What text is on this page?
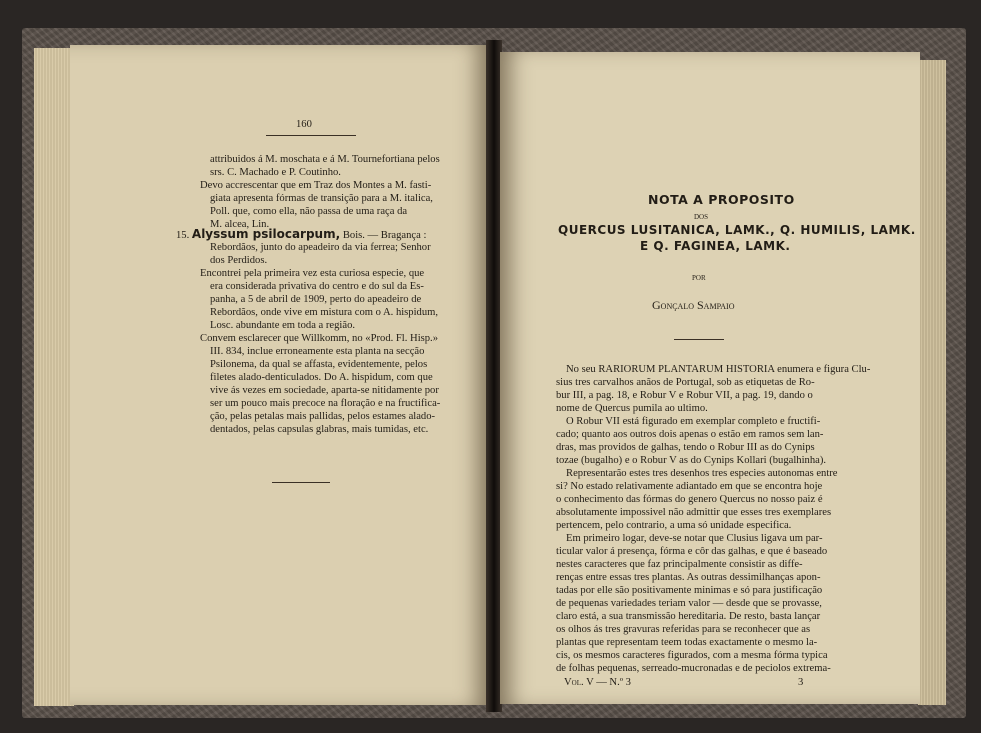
160
attribuidos á M. moschata e á M. Tournefortiana pelos
srs. C. Machado e P. Coutinho.
Devo accrescentar que em Traz dos Montes a M. fasti-
giata apresenta fórmas de transição para a M. italica,
Poll. que, como ella, não passa de uma raça da
M. alcea, Lin.
15. Alyssum psilocarpum, Bois. — Bragança :
Rebordãos, junto do apeadeiro da via ferrea; Senhor
dos Perdidos.
Encontrei pela primeira vez esta curiosa especie, que
era considerada privativa do centro e do sul da Es-
panha, a 5 de abril de 1909, perto do apeadeiro de
Rebordãos, onde vive em mistura com o A. hispidum,
Losc. abundante em toda a região.
Convem esclarecer que Willkomm, no «Prod. Fl. Hisp.»
III. 834, inclue erroneamente esta planta na secção
Psilonema, da qual se affasta, evidentemente, pelos
filetes alado-denticulados. Do A. hispidum, com que
vive ás vezes em sociedade, aparta-se nitidamente por
ser um pouco mais precoce na floração e na fructifica-
ção, pelas petalas mais pallidas, pelos estames alado-
dentados, pelas capsulas glabras, mais tumidas, etc.
NOTA A PROPOSITO
DOS
QUERCUS LUSITANICA, LAMK., Q. HUMILIS, LAMK.
E Q. FAGINEA, LAMK.
POR
Gonçalo Sampaio
No seu RARIORUM PLANTARUM HISTORIA enumera e figura Clu-
sius tres carvalhos anãos de Portugal, sob as etiquetas de Ro-
bur III, a pag. 18, e Robur V e Robur VII, a pag. 19, dando o
nome de Quercus pumila ao ultimo.
O Robur VII está figurado em exemplar completo e fructifi-
cado; quanto aos outros dois apenas o estão em ramos sem lan-
dras, mas providos de galhas, tendo o Robur III as do Cynips
tozae (bugalho) e o Robur V as do Cynips Kollari (bugalhinha).
Representarão estes tres desenhos tres especies autonomas entre
si? No estado relativamente adiantado em que se encontra hoje
o conhecimento das fórmas do genero Quercus no nosso paiz é
absolutamente impossivel não admittir que esses tres exemplares
pertencem, pelo contrario, a uma só unidade especifica.
Em primeiro logar, deve-se notar que Clusius ligava um par-
ticular valor á presença, fórma e côr das galhas, e que é baseado
nestes caracteres que faz principalmente consistir as diffe-
renças entre essas tres plantas. As outras dessimilhanças apon-
tadas por elle são positivamente minimas e só para justificação
de pequenas variedades teriam valor — desde que se provasse,
claro está, a sua transmissão hereditaria. De resto, basta lançar
os olhos ás tres gravuras referidas para se reconhecer que as
plantas que representam teem todas exactamente o mesmo la-
cis, os mesmos caracteres figurados, com a mesma fórma typica
de folhas pequenas, serreado-mucronadas e de peciolos extrema-
Vol. V — N.º 3	3
